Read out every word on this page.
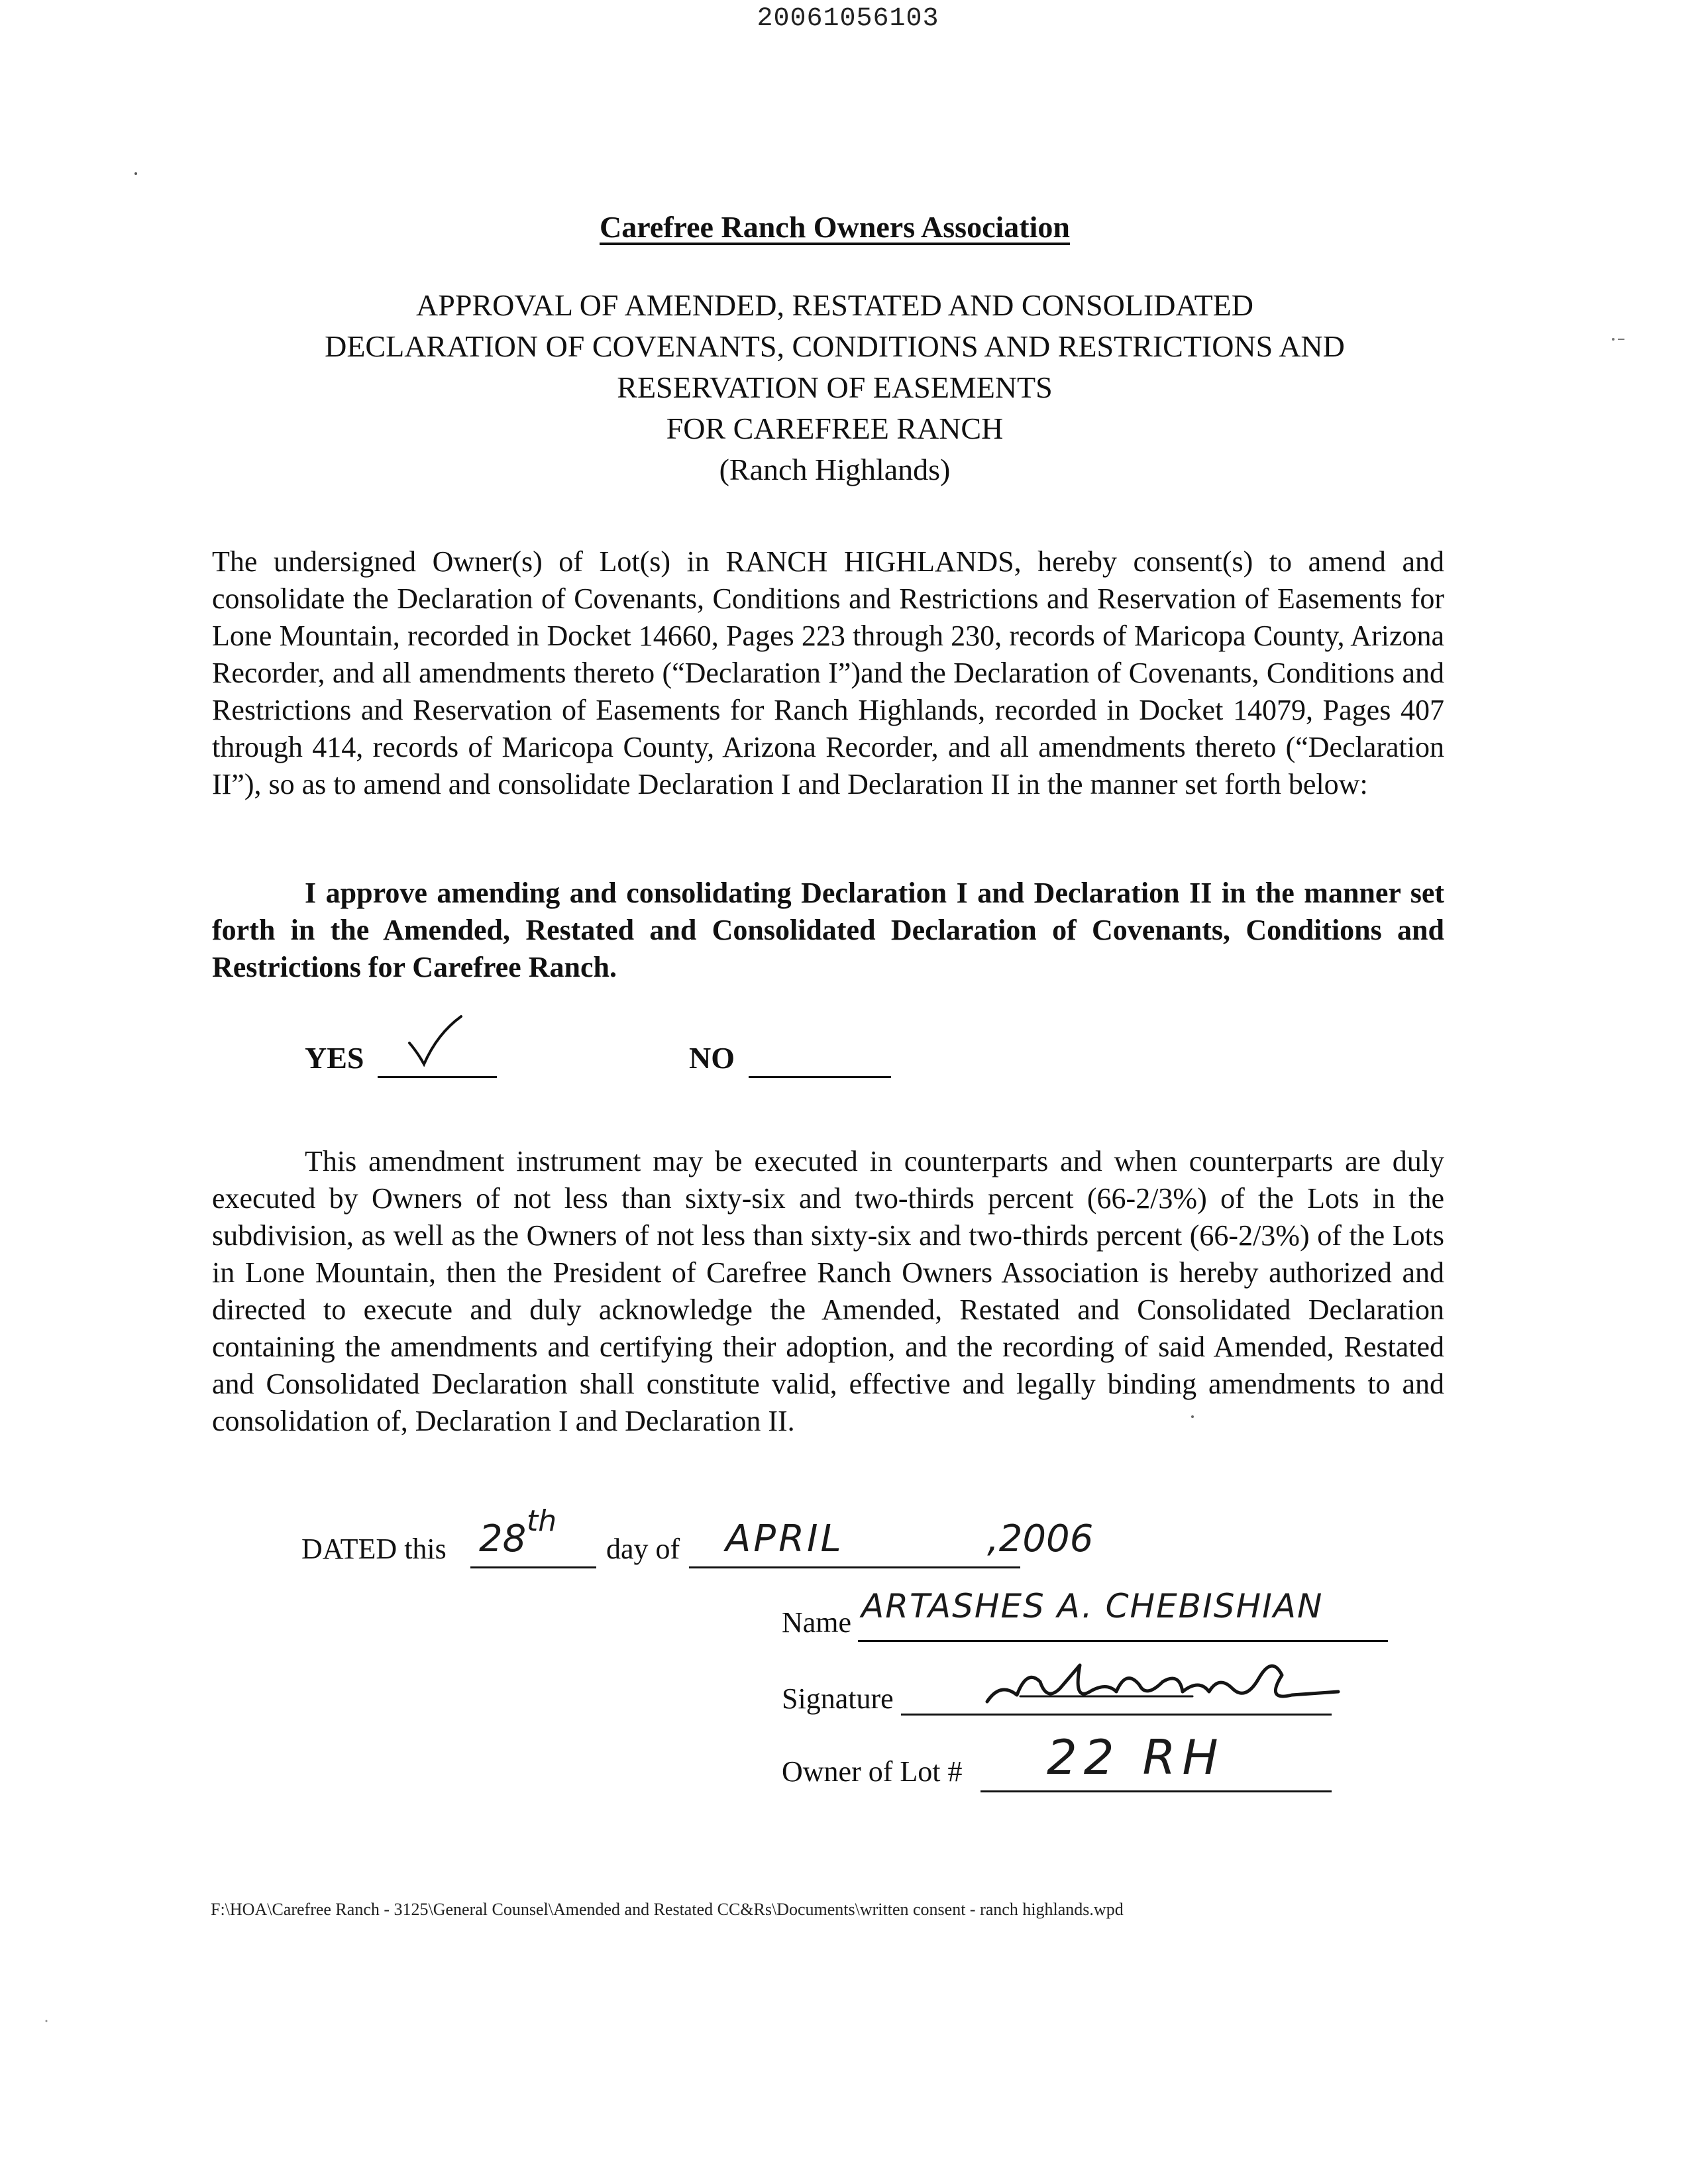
20061056103
Carefree Ranch Owners Association
APPROVAL OF AMENDED, RESTATED AND CONSOLIDATED
DECLARATION OF COVENANTS, CONDITIONS AND RESTRICTIONS AND
RESERVATION OF EASEMENTS
FOR CAREFREE RANCH
(Ranch Highlands)

The undersigned Owner(s) of Lot(s) in RANCH HIGHLANDS, hereby consent(s) to amend and consolidate the Declaration of Covenants, Conditions and Restrictions and Reservation of Easements for Lone Mountain, recorded in Docket 14660, Pages 223 through 230, records of Maricopa County, Arizona Recorder, and all amendments thereto (“Declaration I”)and the Declaration of Covenants, Conditions and Restrictions and Reservation of Easements for Ranch Highlands, recorded in Docket 14079, Pages 407 through 414, records of Maricopa County, Arizona Recorder, and all amendments thereto (“Declaration II”), so as to amend and consolidate Declaration I and Declaration II in the manner set forth below:

I approve amending and consolidating Declaration I and Declaration II in the manner set forth in the Amended, Restated and Consolidated Declaration of Covenants, Conditions and Restrictions for Carefree Ranch.

YES	NO

This amendment instrument may be executed in counterparts and when counterparts are duly executed by Owners of not less than sixty-six and two-thirds percent (66-2/3%) of the Lots in the subdivision, as well as the Owners of not less than sixty-six and two-thirds percent (66-2/3%) of the Lots in Lone Mountain, then the President of Carefree Ranch Owners Association is hereby authorized and directed to execute and duly acknowledge the Amended, Restated and Consolidated Declaration containing the amendments and certifying their adoption, and the recording of said Amended, Restated and Consolidated Declaration shall constitute valid, effective and legally binding amendments to and consolidation of, Declaration I and Declaration II.

DATED this 28 th
day of APRIL	,2006
Name ARTASHES A. CHEBISHIAN
Signature
Owner of Lot # 22 RH
F:\HOA\Carefree Ranch - 3125\General Counsel\Amended and Restated CC&Rs\Documents\written consent - ranch highlands.wpd
